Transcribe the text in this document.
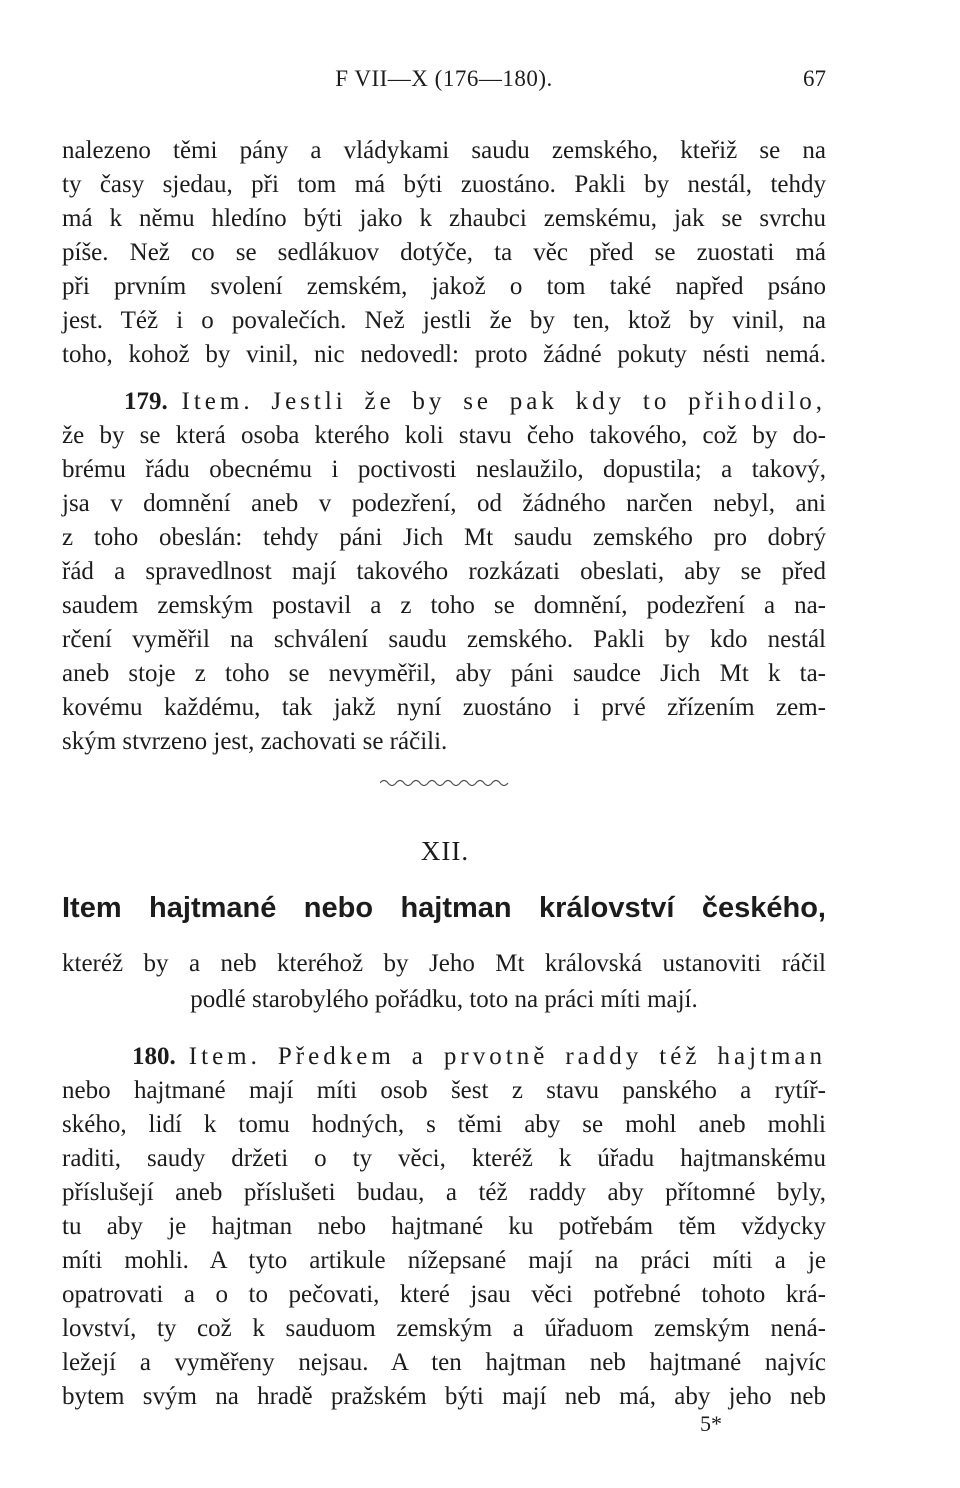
F VII—X (176—180).	67
nalezeno těmi pány a vládykami saudu zemského, kteřiž se na
ty časy sjedau, při tom má býti zuostáno. Pakli by nestál, tehdy
má k němu hledíno býti jako k zhaubci zemskému, jak se svrchu
píše. Než co se sedlákuov dotýče, ta věc před se zuostati má
při prvním svolení zemském, jakož o tom také napřed psáno
jest. Též i o povalečích. Než jestli že by ten, ktož by vinil, na
toho, kohož by vinil, nic nedovedl: proto žádné pokuty nésti nemá.
179. Item. Jestli že by se pak kdy to přihodilo,
že by se která osoba kterého koli stavu čeho takového, což by do-
brému řádu obecnému i poctivosti neslaužilo, dopustila; a takový,
jsa v domnění aneb v podezření, od žádného narčen nebyl, ani
z toho obeslán: tehdy páni Jich Mt saudu zemského pro dobrý
řád a spravedlnost mají takového rozkázati obeslati, aby se před
saudem zemským postavil a z toho se domnění, podezření a na-
rčení vyměřil na schválení saudu zemského. Pakli by kdo nestál
aneb stoje z toho se nevyměřil, aby páni saudce Jich Mt k ta-
kovému každému, tak jakž nyní zuostáno i prvé zřízením zem-
ským stvrzeno jest, zachovati se ráčili.
XII.
Item hajtmané nebo hajtman království českého,
kteréž by a neb kteréhož by Jeho Mt královská ustanoviti ráčil
podlé starobylého pořádku, toto na práci míti mají.
180. Item. Předkem a prvotně raddy též hajtman
nebo hajtmané mají míti osob šest z stavu panského a rytíř-
ského, lidí k tomu hodných, s těmi aby se mohl aneb mohli
raditi, saudy držeti o ty věci, kteréž k úřadu hajtmanskému
příslušejí aneb příslušeti budau, a též raddy aby přítomné byly,
tu aby je hajtman nebo hajtmané ku potřebám těm vždycky
míti mohli. A tyto artikule nížepsané mají na práci míti a je
opatrovati a o to pečovati, které jsau věci potřebné tohoto krá-
lovství, ty což k sauduom zemským a úřaduom zemským nená-
ležejí a vyměřeny nejsau. A ten hajtman neb hajtmané najvíc
bytem svým na hradě pražském býti mají neb má, aby jeho neb
5*
